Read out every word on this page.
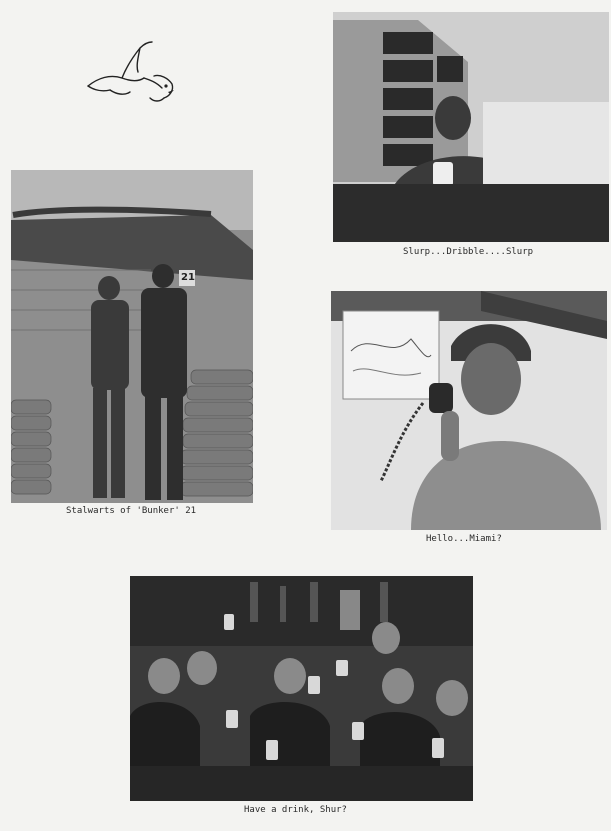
21
Stalwarts of 'Bunker' 21
Slurp...Dribble....Slurp
Hello...Miami?
Have a drink, Shur?
